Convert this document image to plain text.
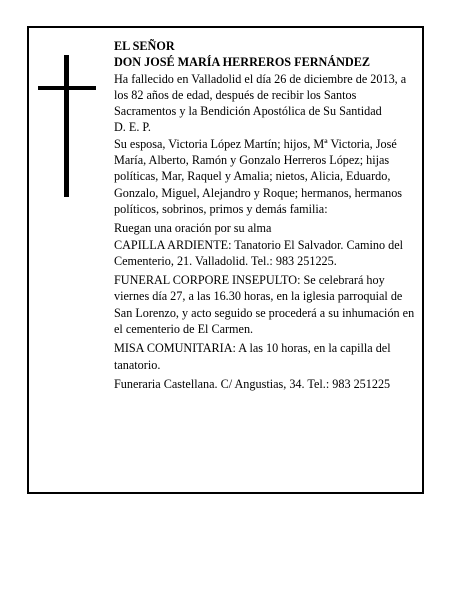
EL SEÑOR

DON JOSÉ MARÍA HERREROS FERNÁNDEZ

Ha fallecido en Valladolid el día 26 de diciembre de 2013, a los 82 años de edad, después de recibir los Santos Sacramentos y la Bendición Apostólica de Su Santidad

D. E. P.

Su esposa, Victoria López Martín; hijos, Mª Victoria, José María, Alberto, Ramón y Gonzalo Herreros López; hijas políticas, Mar, Raquel y Amalia; nietos, Alicia, Eduardo, Gonzalo, Miguel, Alejandro y Roque; hermanos, hermanos políticos, sobrinos, primos y demás familia:

Ruegan una oración por su alma

CAPILLA ARDIENTE: Tanatorio El Salvador. Camino del Cementerio, 21. Valladolid. Tel.: 983 251225.

FUNERAL CORPORE INSEPULTO: Se celebrará hoy viernes día 27, a las 16.30 horas, en la iglesia parroquial de San Lorenzo, y acto seguido se procederá a su inhumación en el cementerio de El Carmen.

MISA COMUNITARIA: A las 10 horas, en la capilla del tanatorio.

Funeraria Castellana. C/ Angustias, 34. Tel.: 983 251225
